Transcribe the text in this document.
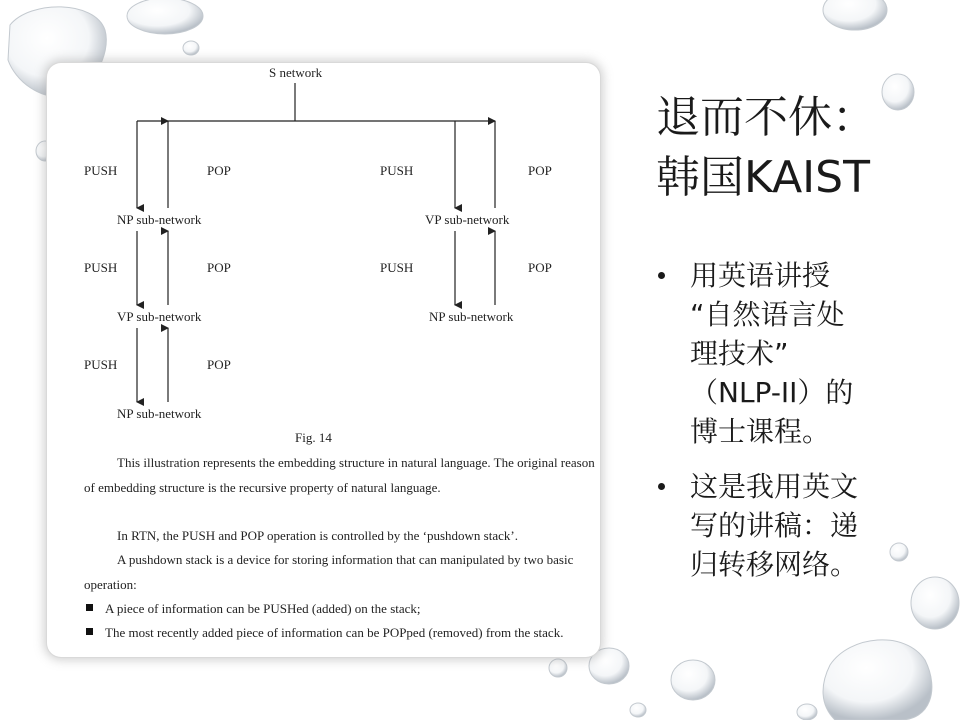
S network
NP sub-network
VP sub-network
NP sub-network
VP sub-network
NP sub-network
PUSH
PUSH
PUSH
PUSH
PUSH
POP
POP
POP
POP
POP
Fig. 14
This illustration represents the embedding structure in natural language. The original reason
of embedding structure is the recursive property of natural language.
In RTN, the PUSH and POP operation is controlled by the ‘pushdown stack’.
A pushdown stack is a device for storing information that can manipulated by two basic
operation:
A piece of information can be PUSHed (added) on the stack;
The most recently added piece of information can be POPped (removed) from the stack.
退而不休：
韩国KAIST
用英语讲授
“自然语言处
理技术”
（NLP-II）的
博士课程。
这是我用英文
写的讲稿：递
归转移网络。
